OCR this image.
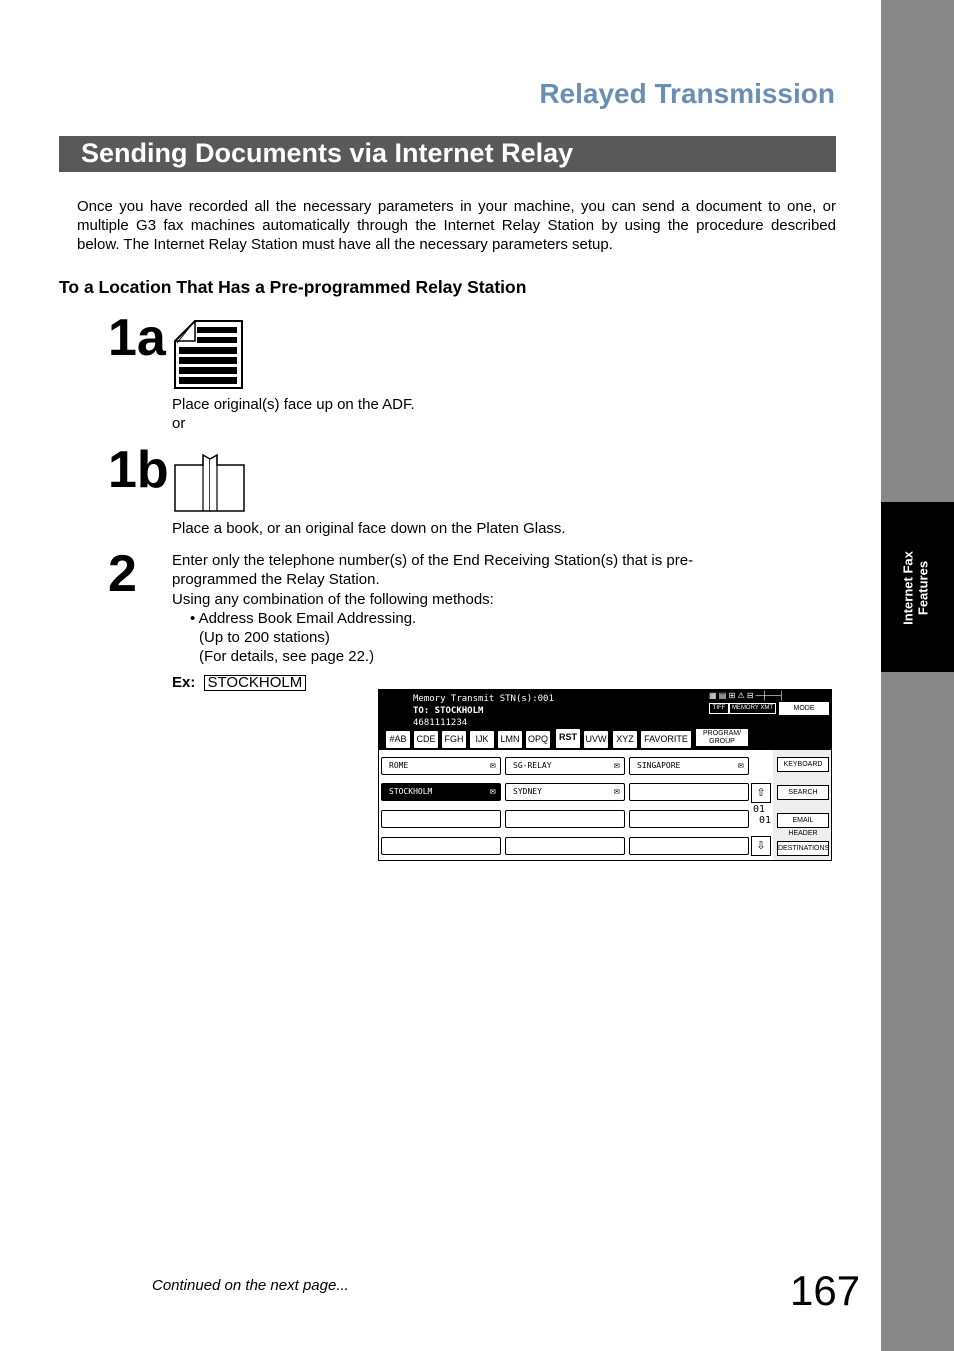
Internet Fax Features
Relayed Transmission
Sending Documents via Internet Relay
Once you have recorded all the necessary parameters in your machine, you can send a document to one, or multiple G3 fax machines automatically through the Internet Relay Station by using the procedure described below. The Internet Relay Station must have all the necessary parameters setup.
To a Location That Has a Pre-programmed Relay Station
1a
Place original(s) face up on the ADF.
or
1b
Place a book, or an original face down on the Platen Glass.
2 Enter only the telephone number(s) of the End Receiving Station(s) that is pre-
programmed the Relay Station.
Using any combination of the following methods:
• Address Book Email Addressing.
(Up to 200 stations)
(For details, see page 22.)
Ex: STOCKHOLM
Memory Transmit STN(s):001
TO: STOCKHOLM
4681111234
▦ ▤ ⊞ ⚠ ⊟ ─┼──┤
TIFF	MEMORY XMT	MODE SETTING
#AB	CDE	FGH	IJK	LMN OPQ	RST UVW	XYZ	FAVORITE
PROGRAM/
GROUP
ROME	✉ SG-RELAY	✉ SINGAPORE	✉
STOCKHOLM	✉ SYDNEY	✉	⇧
01
01
⇩
KEYBOARD
SEARCH
EMAIL HEADER
DESTINATIONS
Continued on the next page...	167
